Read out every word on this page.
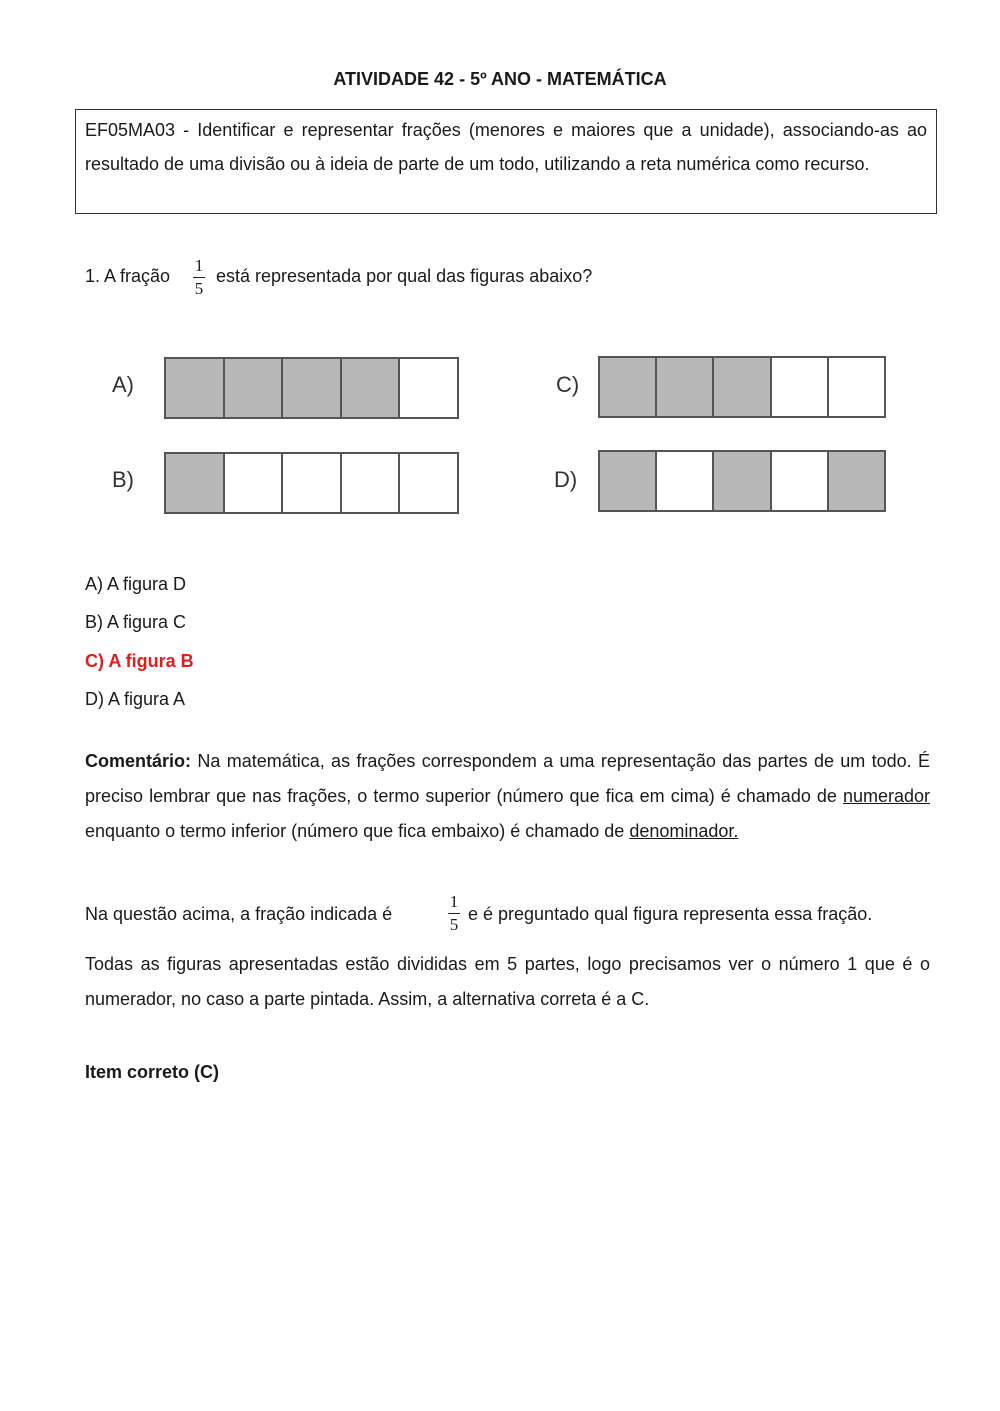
ATIVIDADE 42 - 5º ANO - MATEMÁTICA
EF05MA03 - Identificar e representar frações (menores e maiores que a unidade), associando-as ao resultado de uma divisão ou à ideia de parte de um todo, utilizando a reta numérica como recurso.
1. A fração
1
5
está representada por qual das figuras abaixo?
A)
B)
C)
D)
A) A figura D
B) A figura C
C) A figura B
D) A figura A
Comentário: Na matemática, as frações correspondem a uma representação das partes de um todo. É preciso lembrar que nas frações, o termo superior (número que fica em cima) é chamado de numerador enquanto o termo inferior (número que fica embaixo) é chamado de denominador.
Na questão acima, a fração indicada é
1
5
e é preguntado qual figura representa essa fração.
Todas as figuras apresentadas estão divididas em 5 partes, logo precisamos ver o número 1 que é o numerador, no caso a parte pintada. Assim, a alternativa correta é a C.
Item correto (C)
